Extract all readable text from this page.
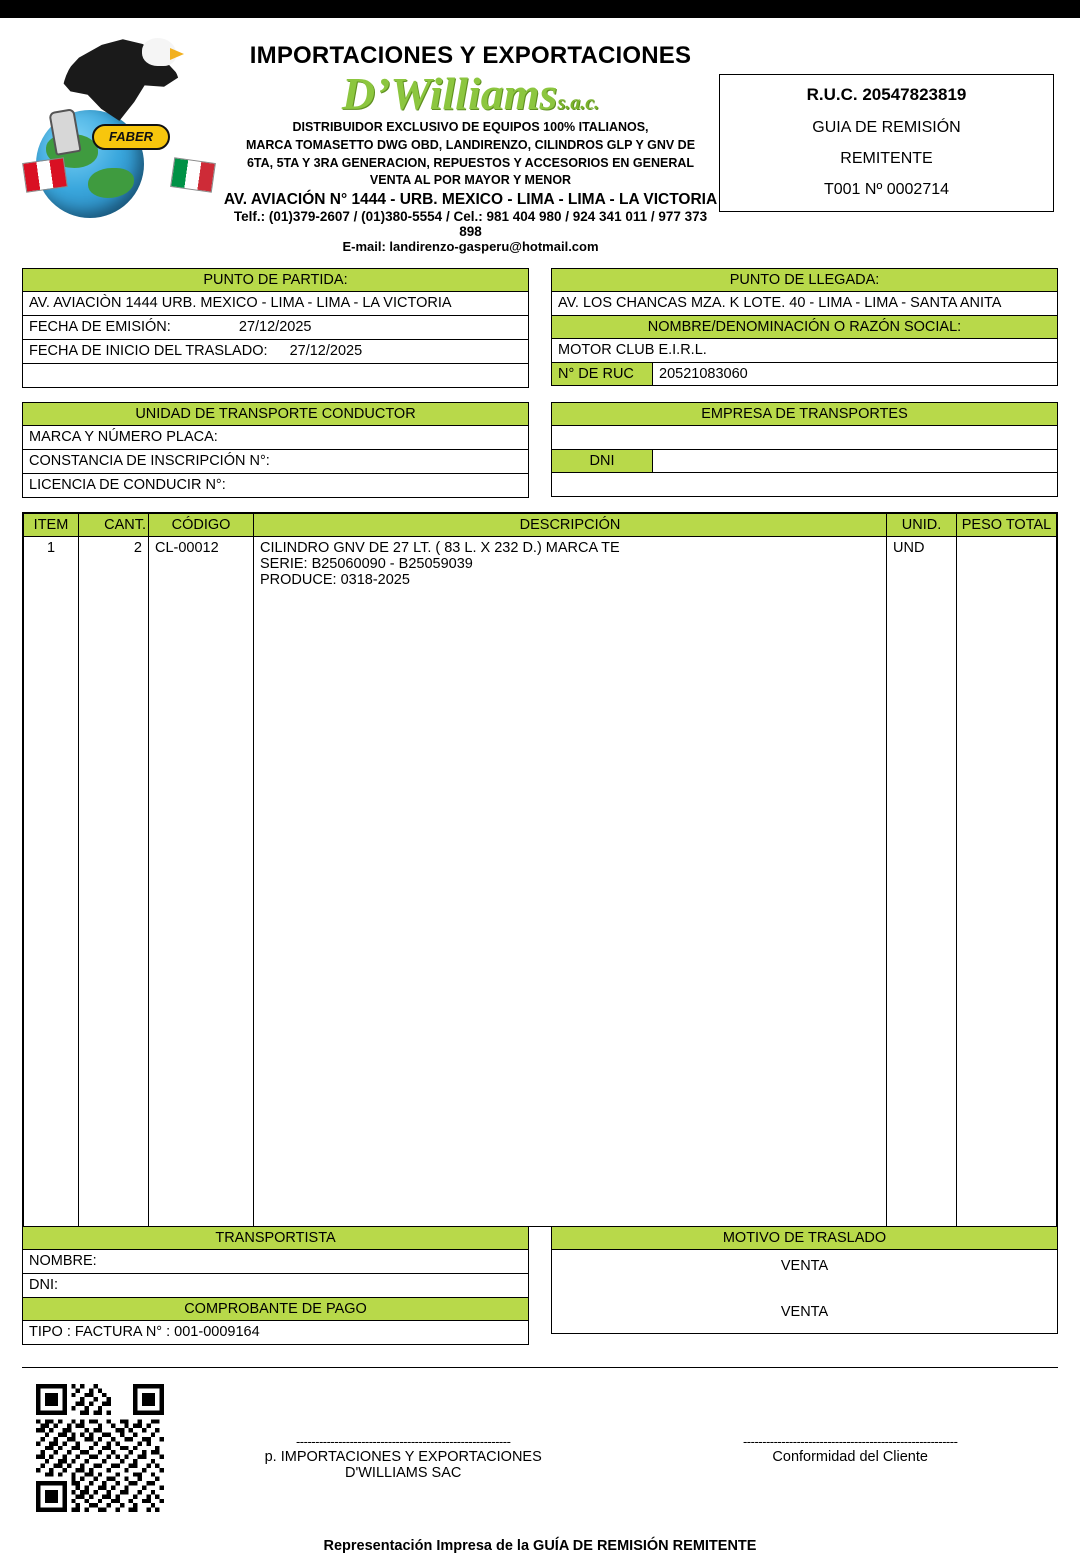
FABER
IMPORTACIONES Y EXPORTACIONES
D’Williamss.a.c.
DISTRIBUIDOR EXCLUSIVO DE EQUIPOS 100% ITALIANOS,
MARCA TOMASETTO DWG OBD, LANDIRENZO, CILINDROS GLP Y GNV DE
6TA, 5TA Y 3RA GENERACION, REPUESTOS Y ACCESORIOS EN GENERAL
VENTA AL POR MAYOR Y MENOR
AV. AVIACIÓN N° 1444 - URB. MEXICO - LIMA - LIMA - LA VICTORIA
Telf.: (01)379-2607 / (01)380-5554 / Cel.: 981 404 980 / 924 341 011 / 977 373 898
E-mail: landirenzo-gasperu@hotmail.com
R.U.C. 20547823819
GUIA DE REMISIÓN
REMITENTE
T001 Nº 0002714
PUNTO DE PARTIDA:
AV. AVIACIÒN 1444 URB. MEXICO - LIMA - LIMA - LA VICTORIA
FECHA DE EMISIÓN:	27/12/2025
FECHA DE INICIO DEL TRASLADO: 27/12/2025

PUNTO DE LLEGADA:
AV. LOS CHANCAS MZA. K LOTE. 40 - LIMA - LIMA - SANTA ANITA
NOMBRE/DENOMINACIÓN O RAZÓN SOCIAL:
MOTOR CLUB E.I.R.L.
N° DE RUC	20521083060
UNIDAD DE TRANSPORTE CONDUCTOR
MARCA Y NÚMERO PLACA:
CONSTANCIA DE INSCRIPCIÓN N°:
LICENCIA DE CONDUCIR N°:
EMPRESA DE TRANSPORTES

DNI

ITEM	CANT.	CÓDIGO	DESCRIPCIÓN	UNID.	PESO TOTAL
1	2	CL-00012	CILINDRO GNV DE 27 LT. ( 83 L. X 232 D.) MARCA TE
SERIE: B25060090 - B25059039
PRODUCE: 0318-2025	UND	
TRANSPORTISTA
NOMBRE:
DNI:
COMPROBANTE DE PAGO
TIPO : FACTURA N° : 001-0009164
MOTIVO DE TRASLADO
VENTA
VENTA
--------------------------------------------------------
p. IMPORTACIONES Y EXPORTACIONES
D'WILLIAMS SAC
--------------------------------------------------------
Conformidad del Cliente
Representación Impresa de la GUÍA DE REMISIÓN REMITENTE
